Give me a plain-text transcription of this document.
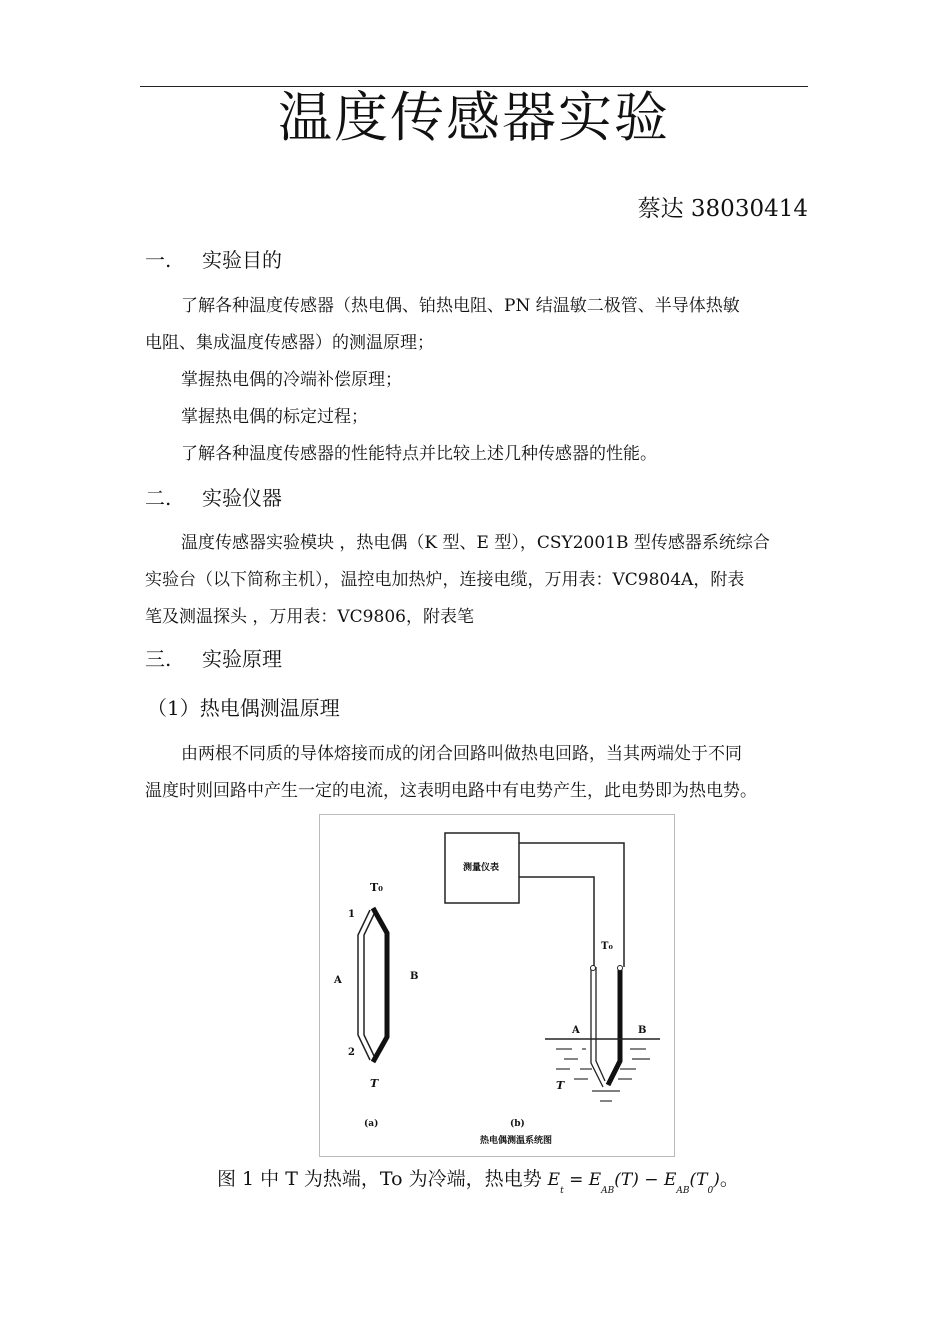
温度传感器实验
蔡达 38030414
一. 实验目的
了解各种温度传感器（热电偶、铂热电阻、PN 结温敏二极管、半导体热敏
电阻、集成温度传感器）的测温原理；
掌握热电偶的冷端补偿原理；
掌握热电偶的标定过程；
了解各种温度传感器的性能特点并比较上述几种传感器的性能。
二. 实验仪器
温度传感器实验模块 ，热电偶（K 型、E 型），CSY2001B 型传感器系统综合
实验台（以下简称主机），温控电加热炉，连接电缆，万用表：VC9804A，附表
笔及测温探头 ，万用表：VC9806，附表笔
三. 实验原理
（1）热电偶测温原理
由两根不同质的导体熔接而成的闭合回路叫做热电回路，当其两端处于不同
温度时则回路中产生一定的电流，这表明电路中有电势产生，此电势即为热电势。
T₀
1
2
A	B
T
(a)
测量仪表
T₀
A	B
T
(b)
热电偶测温系统图
图 1 中 T 为热端，To 为冷端，热电势 $E_t = E_{AB}(T) - E_{AB}(T_0)$。
